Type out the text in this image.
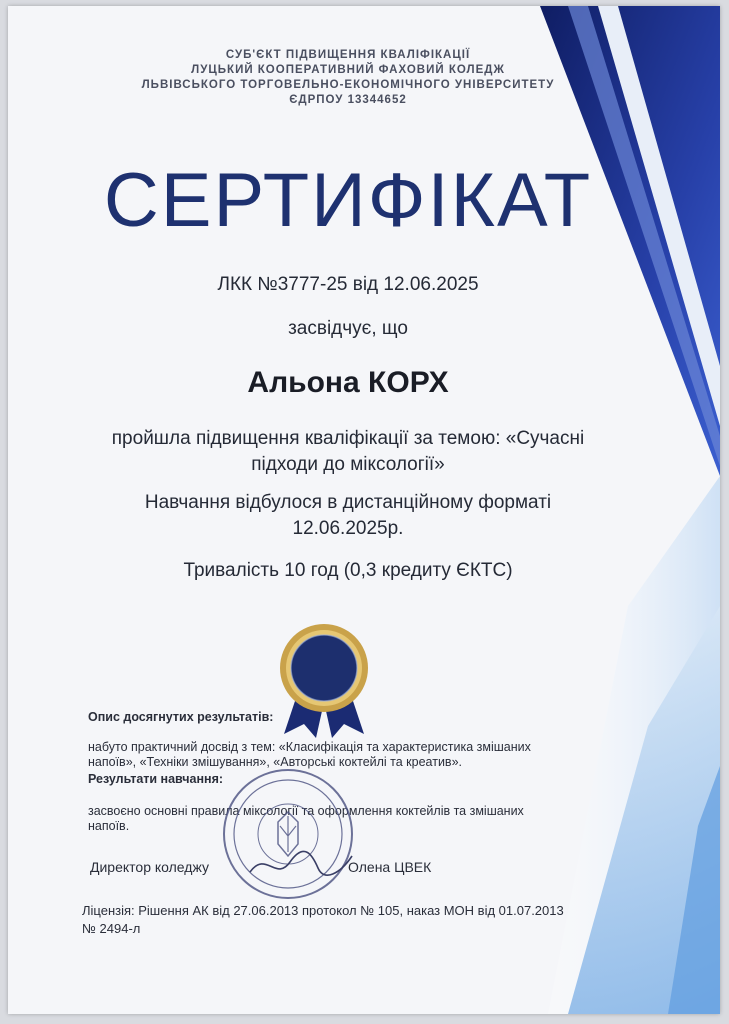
СУБ'ЄКТ ПІДВИЩЕННЯ КВАЛІФІКАЦІЇ
ЛУЦЬКИЙ КООПЕРАТИВНИЙ ФАХОВИЙ КОЛЕДЖ
ЛЬВІВСЬКОГО ТОРГОВЕЛЬНО-ЕКОНОМІЧНОГО УНІВЕРСИТЕТУ
ЄДРПОУ 13344652
СЕРТИФІКАТ
ЛКК №3777-25 від 12.06.2025
засвідчує, що
Альона КОРХ
пройшла підвищення кваліфікації за темою: «Сучасні
підходи до міксології»
Навчання відбулося в дистанційному форматі
12.06.2025р.
Тривалість 10 год (0,3 кредиту ЄКТС)
Опис досягнутих результатів:
набуто практичний досвід з тем: «Класифікація та характеристика змішаних
напоїв», «Техніки змішування», «Авторські коктейлі та креатив».
Результати навчання:
засвоєно основні правила міксології та оформлення коктейлів та змішаних
напоїв.
Директор коледжу	Олена ЦВЕК
Ліцензія: Рішення АК від 27.06.2013 протокол № 105, наказ МОН від 01.07.2013
№ 2494-л
